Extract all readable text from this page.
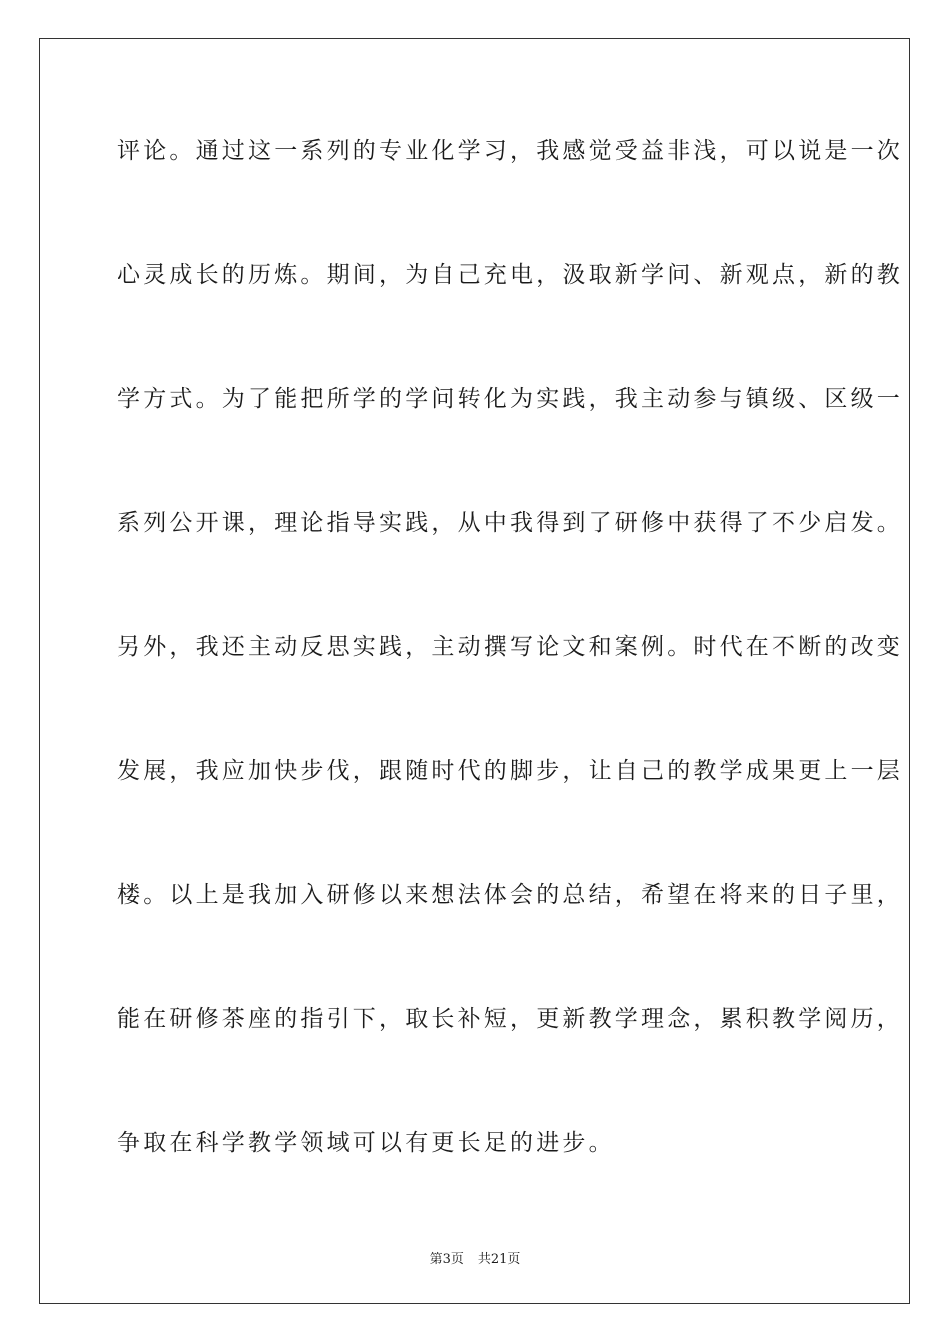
评论。通过这一系列的专业化学习，我感觉受益非浅，可以说是一次
心灵成长的历炼。期间，为自己充电，汲取新学问、新观点，新的教
学方式。为了能把所学的学问转化为实践，我主动参与镇级、区级一
系列公开课，理论指导实践，从中我得到了研修中获得了不少启发。
另外，我还主动反思实践，主动撰写论文和案例。时代在不断的改变
发展，我应加快步伐，跟随时代的脚步，让自己的教学成果更上一层
楼。以上是我加入研修以来想法体会的总结，希望在将来的日子里，
能在研修茶座的指引下，取长补短，更新教学理念，累积教学阅历，
争取在科学教学领域可以有更长足的进步。
第3页 共21页
